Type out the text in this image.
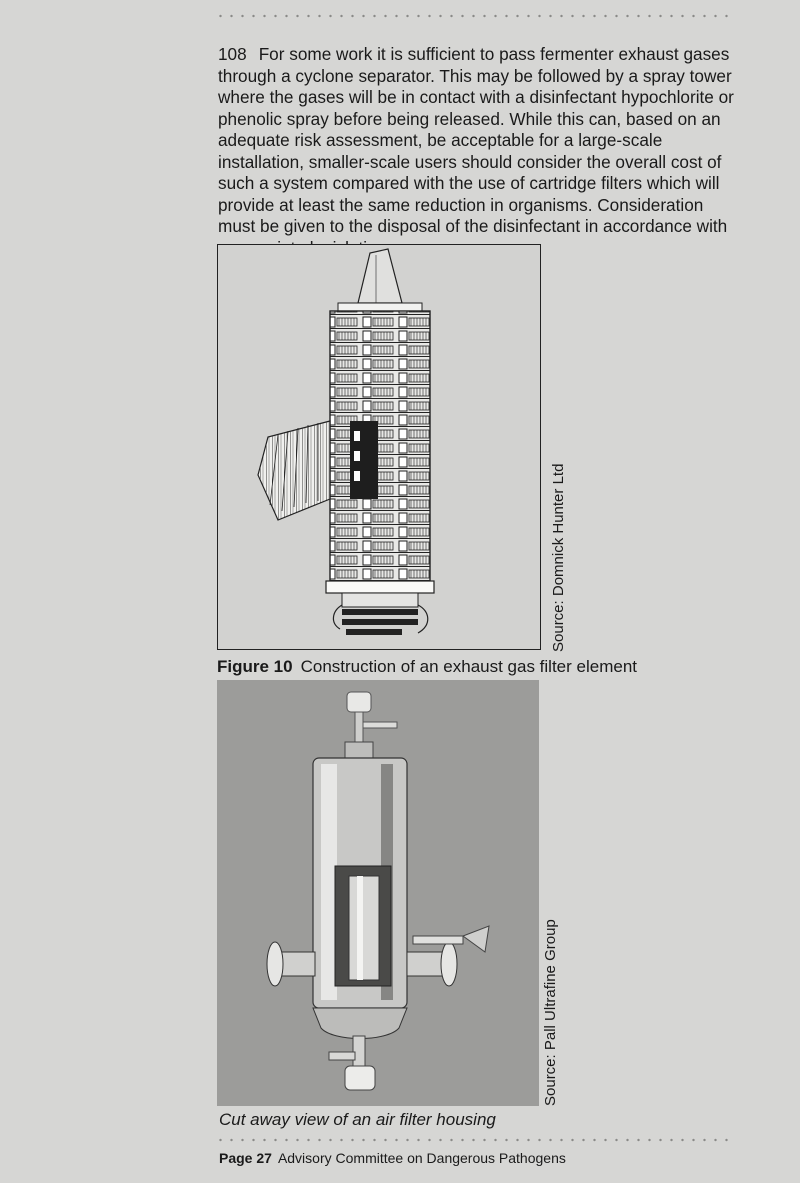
108 For some work it is sufficient to pass fermenter exhaust gases through a cyclone separator. This may be followed by a spray tower where the gases will be in contact with a disinfectant hypochlorite or phenolic spray before being released. While this can, based on an adequate risk assessment, be acceptable for a large-scale installation, smaller-scale users should consider the overall cost of such a system compared with the use of cartridge filters which will provide at least the same reduction in organisms. Consideration must be given to the disposal of the disinfectant in accordance with

Source: Domnick Hunter Ltd
Figure 10 Construction of an exhaust gas filter element
Source: Pall Ultrafine Group
Cut away view of an air filter housing
Page 27 Advisory Committee on Dangerous Pathogens
